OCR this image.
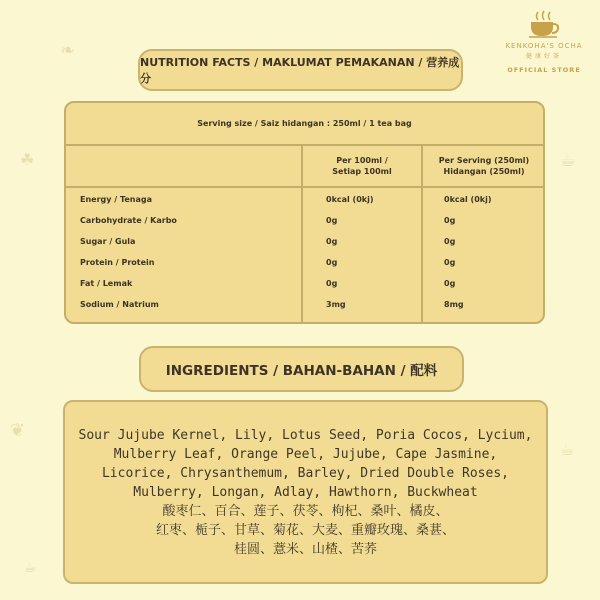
❧
☘	☕
❦
☕
☕
KENKOHA'S OCHA
健康好茶
OFFICIAL STORE
NUTRITION FACTS / MAKLUMAT PEMAKANAN / 营养成分
Serving size / Saiz hidangan : 250ml / 1 tea bag
Per 100ml /
Setiap 100ml
Per Serving (250ml)
Hidangan (250ml)
Energy / Tenaga	0kcal (0kj)	0kcal (0kj)
Carbohydrate / Karbo	0g	0g
Sugar / Gula	0g	0g
Protein / Protein	0g	0g
Fat / Lemak	0g	0g
Sodium / Natrium	3mg	8mg
INGREDIENTS / BAHAN-BAHAN / 配料
Sour Jujube Kernel, Lily, Lotus Seed, Poria Cocos, Lycium,
Mulberry Leaf, Orange Peel, Jujube, Cape Jasmine,
Licorice, Chrysanthemum, Barley, Dried Double Roses,
Mulberry, Longan, Adlay, Hawthorn, Buckwheat
酸枣仁、百合、莲子、茯苓、枸杞、桑叶、橘皮、
红枣、栀子、甘草、菊花、大麦、重瓣玫瑰、桑葚、
桂圆、薏米、山楂、苦荞
